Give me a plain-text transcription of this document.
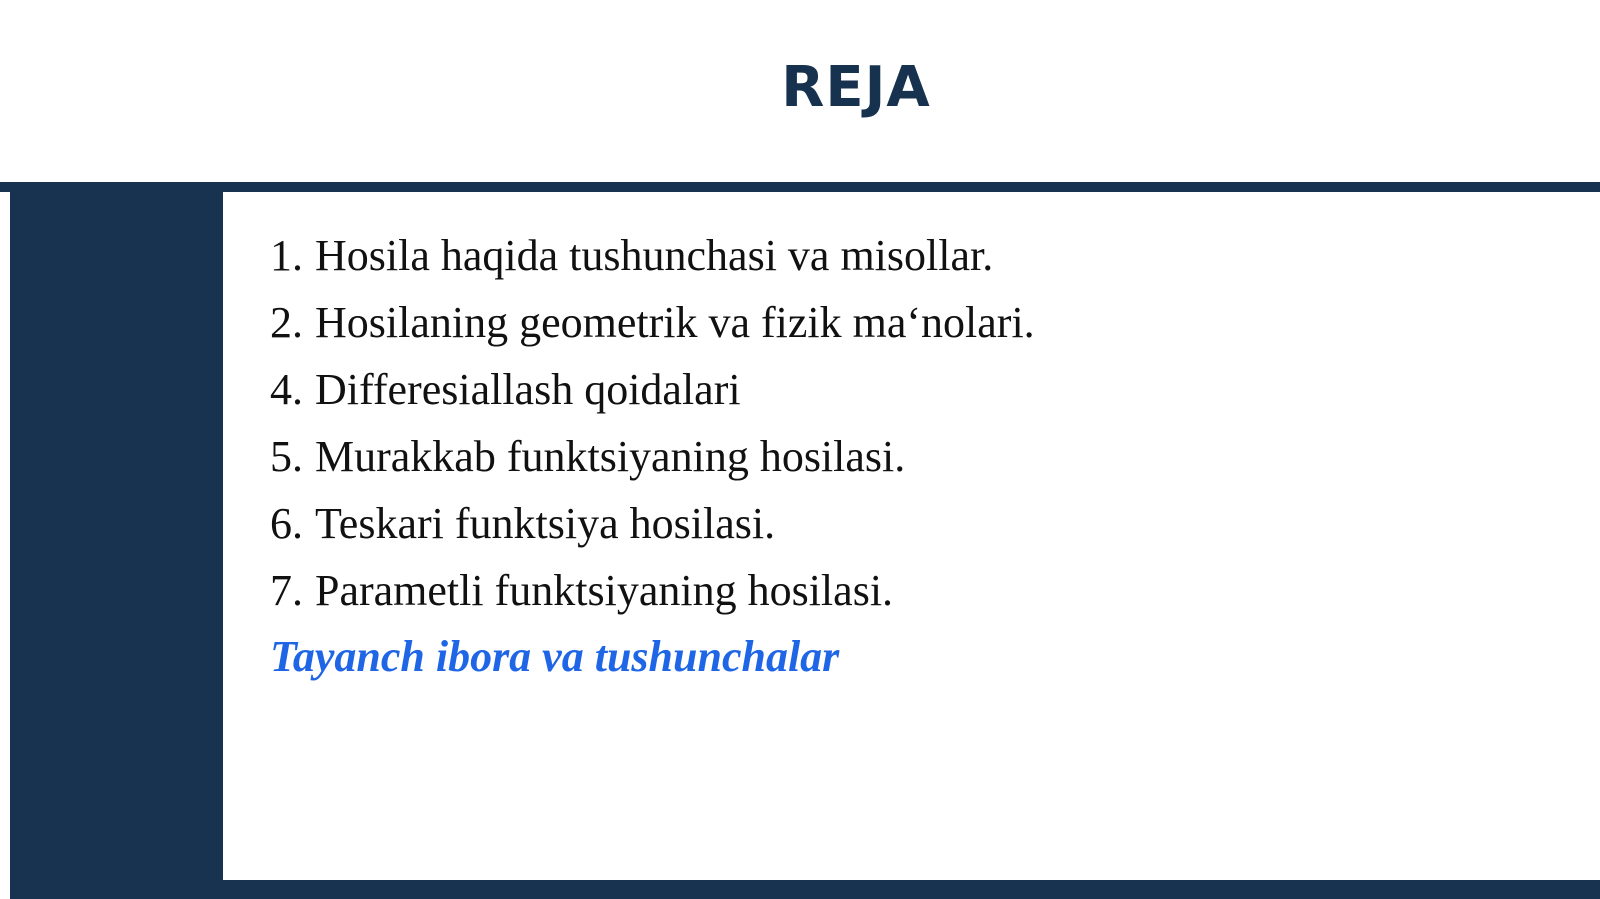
REJA
1. Hosila haqida tushunchasi va misollar.
2. Hosilaning geometrik va fizik ma‘nolari.
4. Differesiallash qoidalari
5. Murakkab funktsiyaning hosilasi.
6. Teskari funktsiya hosilasi.
7. Parametli funktsiyaning hosilasi.
Tayanch ibora va tushunchalar
